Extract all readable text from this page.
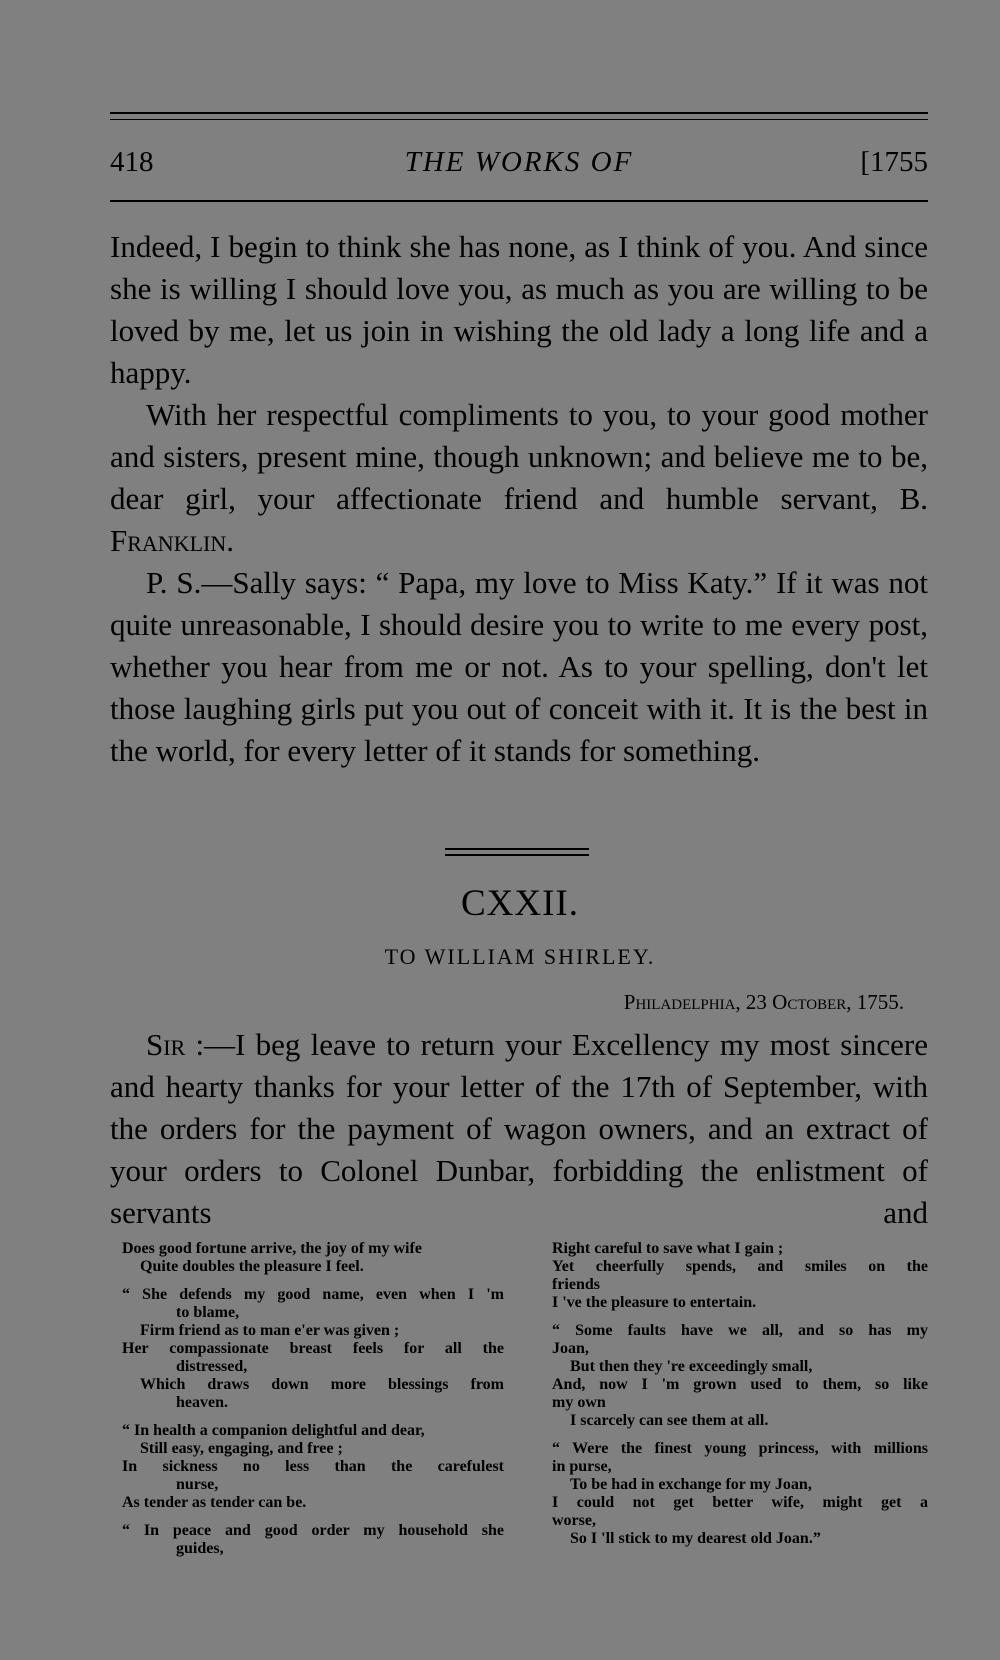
418	THE WORKS OF	[1755

Indeed, I begin to think she has none, as I think of you. And since she is willing I should love you, as much as you are willing to be loved by me, let us join in wishing the old lady a long life and a happy.

With her respectful compliments to you, to your good mother and sisters, present mine, though unknown; and believe me to be, dear girl, your affectionate friend and humble servant, B. Franklin.

P. S.—Sally says: “ Papa, my love to Miss Katy.” If it was not quite unreasonable, I should desire you to write to me every post, whether you hear from me or not. As to your spelling, don't let those laughing girls put you out of conceit with it. It is the best in the world, for every letter of it stands for something.

CXXII.
TO WILLIAM SHIRLEY.
Philadelphia, 23 October, 1755.

Sir :—I beg leave to return your Excellency my most sincere and hearty thanks for your letter of the 17th of September, with the orders for the payment of wagon owners, and an extract of your orders to Colonel Dunbar, forbidding the enlistment of servants and

Does good fortune arrive, the joy of my wife
Quite doubles the pleasure I feel.
“ She defends my good name, even when I 'm
to blame,
Firm friend as to man e'er was given ;
Her compassionate breast feels for all the
distressed,
Which draws down more blessings from
heaven.
“ In health a companion delightful and dear,
Still easy, engaging, and free ;
In sickness no less than the carefulest
nurse,
As tender as tender can be.
“ In peace and good order my household she
guides,
Right careful to save what I gain ;
Yet cheerfully spends, and smiles on the
friends
I 've the pleasure to entertain.
“ Some faults have we all, and so has my
Joan,
But then they 're exceedingly small,
And, now I 'm grown used to them, so like
my own
I scarcely can see them at all.
“ Were the finest young princess, with millions
in purse,
To be had in exchange for my Joan,
I could not get better wife, might get a
worse,
So I 'll stick to my dearest old Joan.”
